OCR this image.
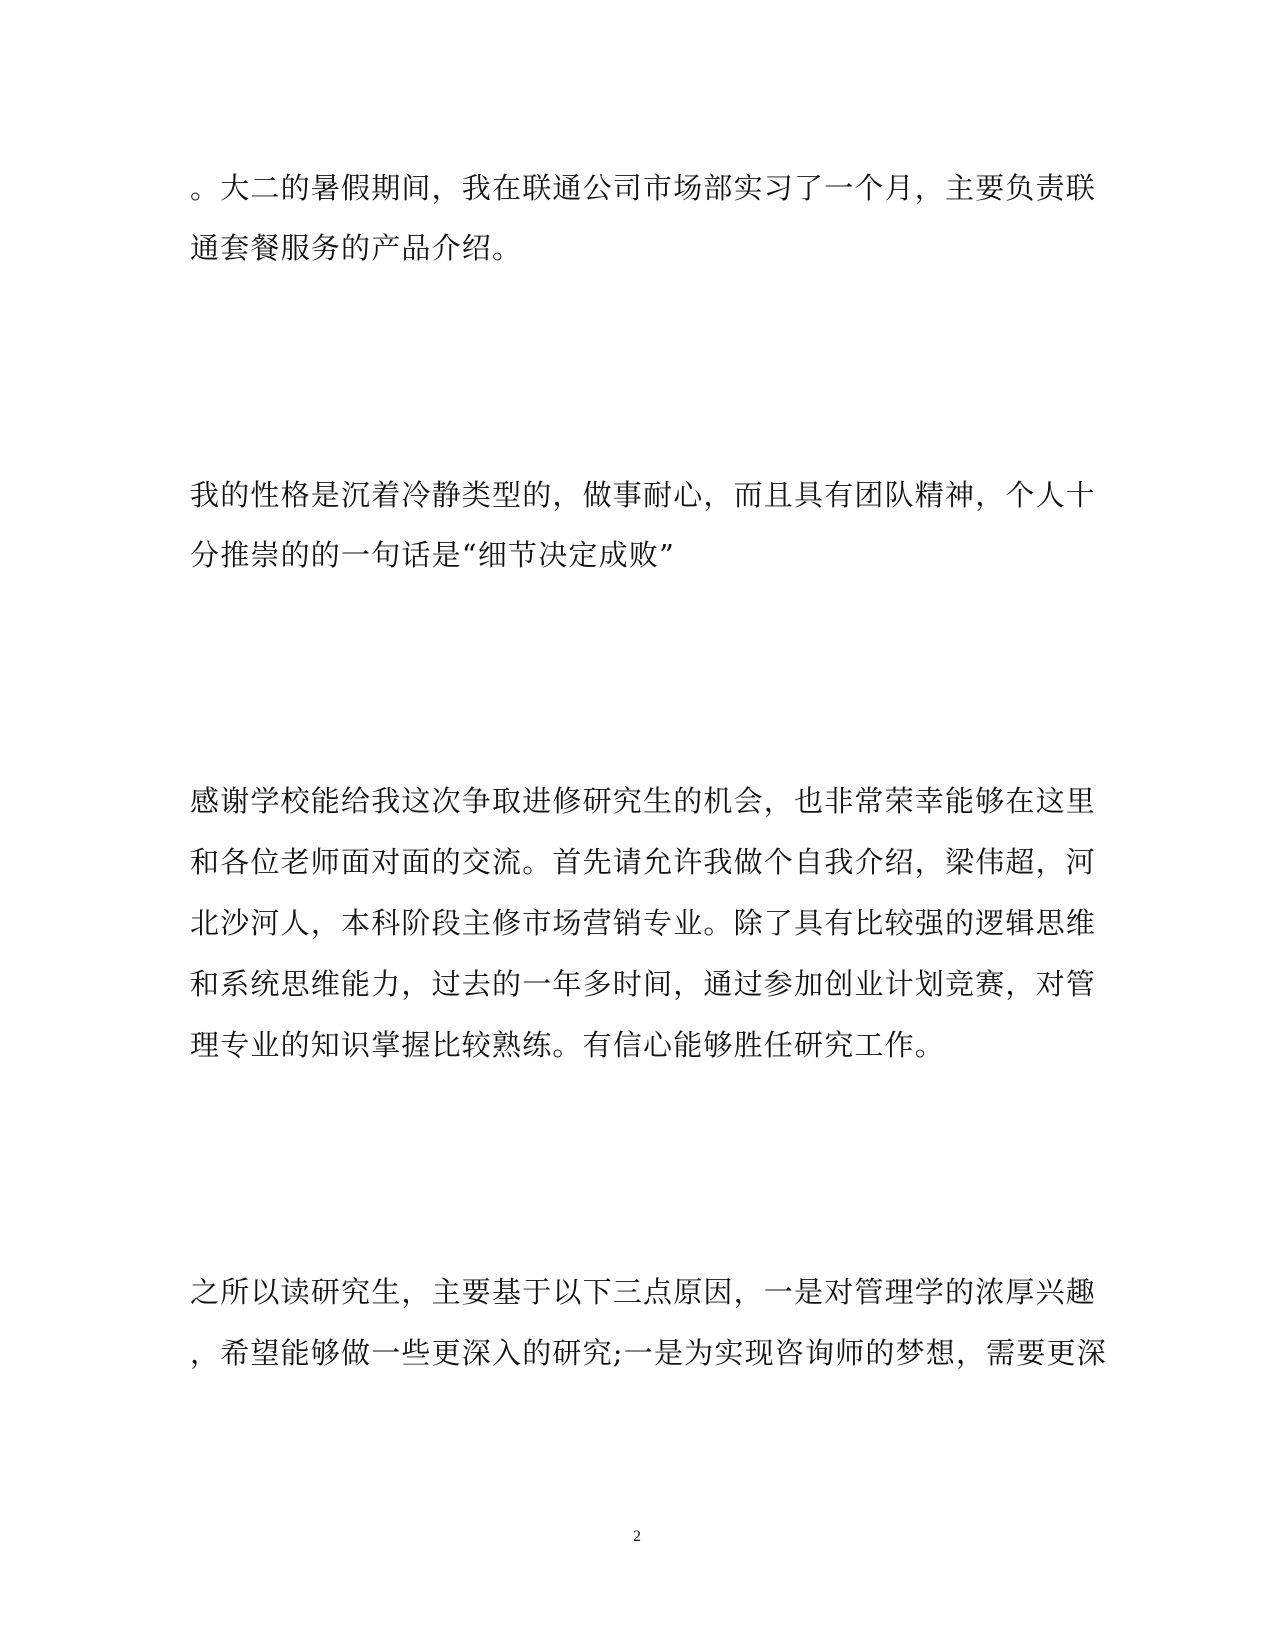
。大二的暑假期间，我在联通公司市场部实习了一个月，主要负责联
通套餐服务的产品介绍。
我的性格是沉着冷静类型的，做事耐心，而且具有团队精神，个人十
分推崇的的一句话是“细节决定成败”
感谢学校能给我这次争取进修研究生的机会，也非常荣幸能够在这里
和各位老师面对面的交流。首先请允许我做个自我介绍，梁伟超，河
北沙河人，本科阶段主修市场营销专业。除了具有比较强的逻辑思维
和系统思维能力，过去的一年多时间，通过参加创业计划竞赛，对管
理专业的知识掌握比较熟练。有信心能够胜任研究工作。
之所以读研究生，主要基于以下三点原因，一是对管理学的浓厚兴趣
，希望能够做一些更深入的研究;一是为实现咨询师的梦想，需要更深
2
